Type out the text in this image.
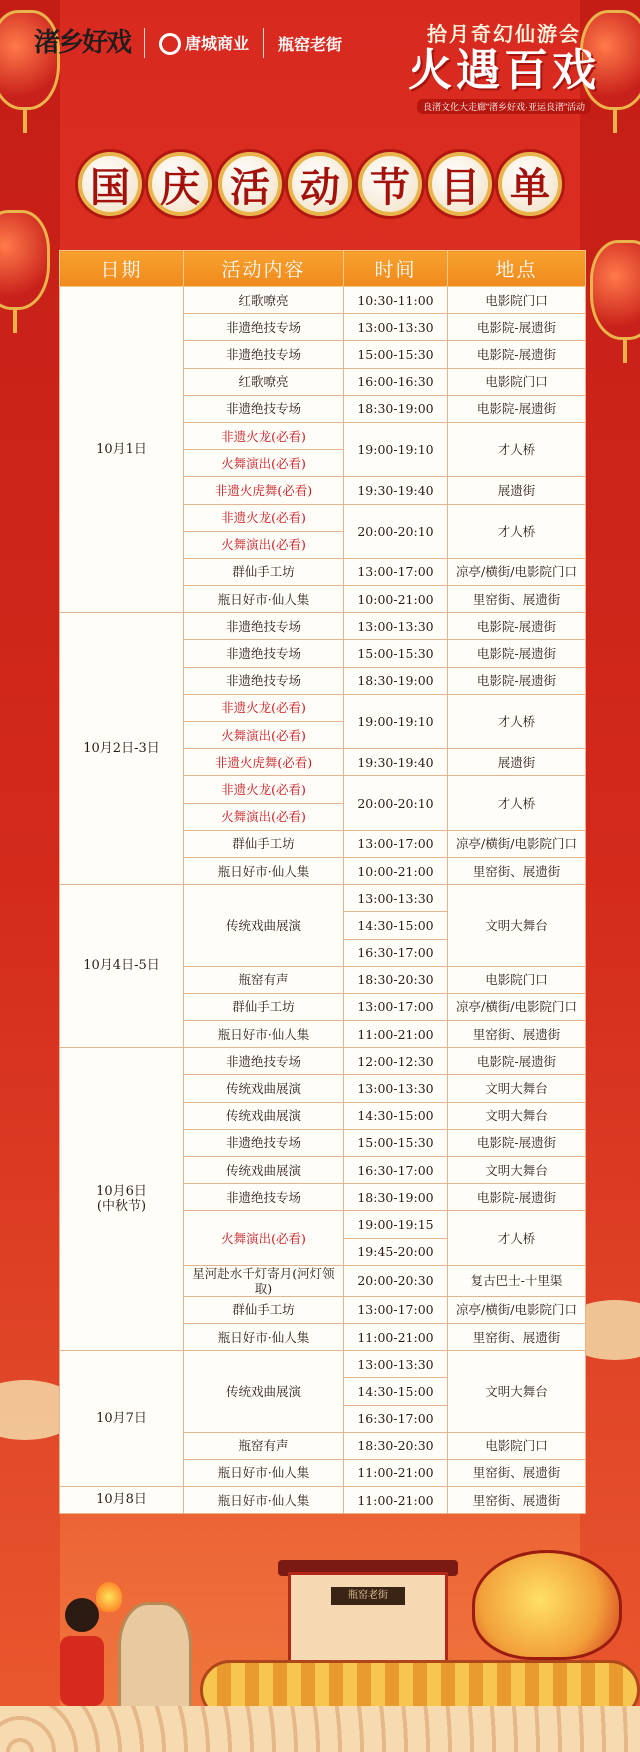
渚乡好戏	唐城商业 瓶窑老街	拾月奇幻仙游会
火遇百戏
良渚文化大走廊“渚乡好戏·亚运良渚”活动
国 庆 活 动 节 目 单
日期	活动内容	时间	地点

10月1日	红歌嘹亮	10:30-11:00	电影院门口
	非遗绝技专场	13:00-13:30	电影院-展遗街
	非遗绝技专场	15:00-15:30	电影院-展遗街
	红歌嘹亮	16:00-16:30	电影院门口
	非遗绝技专场	18:30-19:00	电影院-展遗街
	非遗火龙(必看)	19:00-19:10	才人桥
	火舞演出(必看)		
	非遗火虎舞(必看)	19:30-19:40	展遗街
	非遗火龙(必看)	20:00-20:10	才人桥
	火舞演出(必看)		
	群仙手工坊	13:00-17:00	凉亭/横街/电影院门口
	瓶日好市·仙人集	10:00-21:00	里窑街、展遗街

10月2日-3日	非遗绝技专场	13:00-13:30	电影院-展遗街
	非遗绝技专场	15:00-15:30	电影院-展遗街
	非遗绝技专场	18:30-19:00	电影院-展遗街
	非遗火龙(必看)	19:00-19:10	才人桥
	火舞演出(必看)		
	非遗火虎舞(必看)	19:30-19:40	展遗街
	非遗火龙(必看)	20:00-20:10	才人桥
	火舞演出(必看)		
	群仙手工坊	13:00-17:00	凉亭/横街/电影院门口
	瓶日好市·仙人集	10:00-21:00	里窑街、展遗街

10月4日-5日	传统戏曲展演	13:00-13:30	文明大舞台
		14:30-15:00	
		16:30-17:00	
	瓶窑有声	18:30-20:30	电影院门口
	群仙手工坊	13:00-17:00	凉亭/横街/电影院门口
	瓶日好市·仙人集	11:00-21:00	里窑街、展遗街

10月6日
(中秋节)	非遗绝技专场	12:00-12:30	电影院-展遗街
	传统戏曲展演	13:00-13:30	文明大舞台
	传统戏曲展演	14:30-15:00	文明大舞台
	非遗绝技专场	15:00-15:30	电影院-展遗街
	传统戏曲展演	16:30-17:00	文明大舞台
	非遗绝技专场	18:30-19:00	电影院-展遗街
	火舞演出(必看)	19:00-19:15	才人桥
		19:45-20:00	
	星河赴水千灯寄月(河灯领取)	20:00-20:30	复古巴士-十里渠
	群仙手工坊	13:00-17:00	凉亭/横街/电影院门口
	瓶日好市·仙人集	11:00-21:00	里窑街、展遗街

10月7日	传统戏曲展演	13:00-13:30	文明大舞台
		14:30-15:00	
		16:30-17:00	
	瓶窑有声	18:30-20:30	电影院门口
	瓶日好市·仙人集	11:00-21:00	里窑街、展遗街

10月8日	瓶日好市·仙人集	11:00-21:00	里窑街、展遗街
瓶窑老街
